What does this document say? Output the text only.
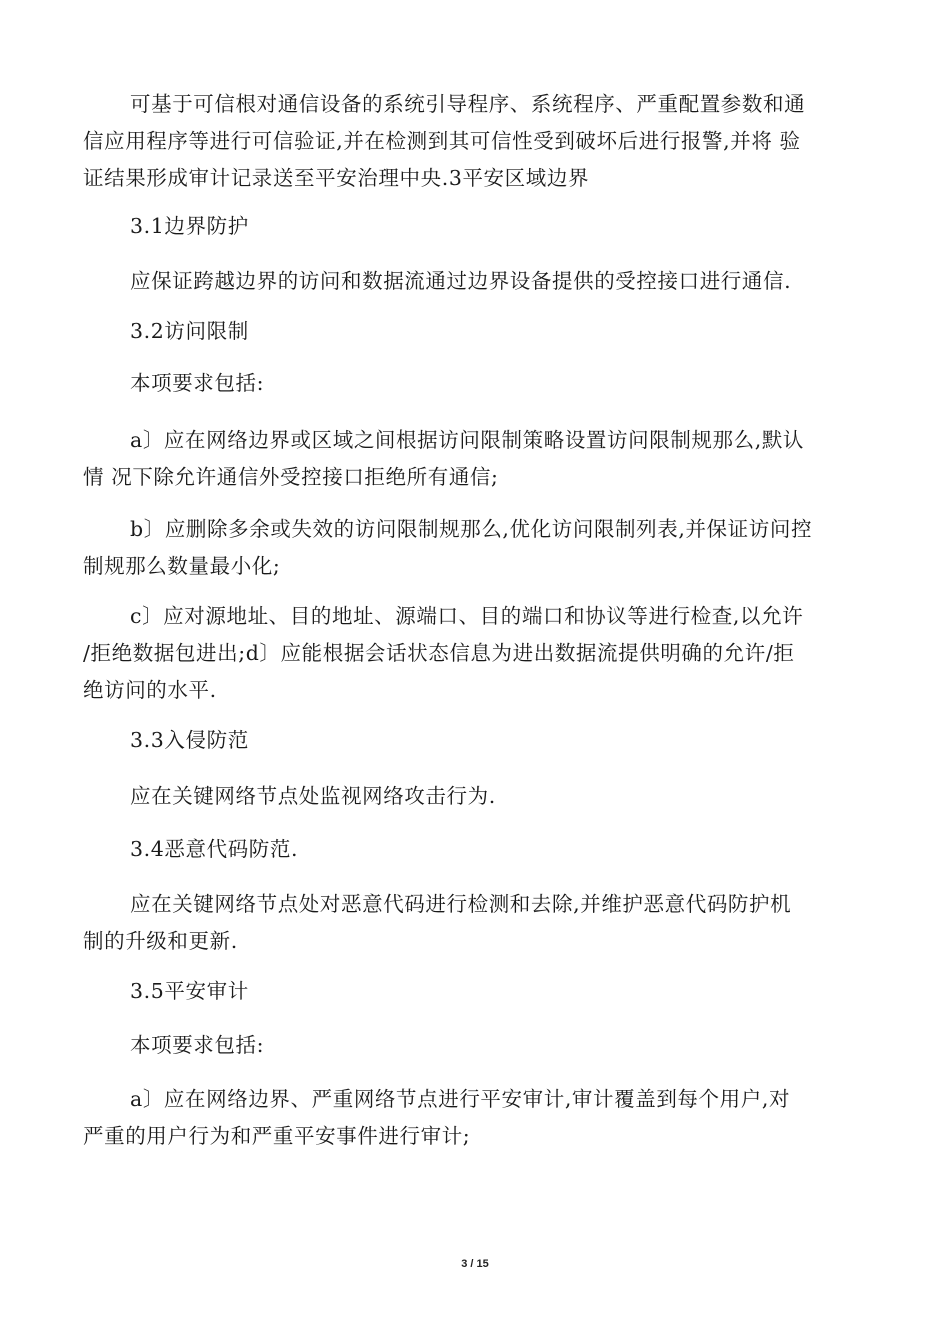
可基于可信根对通信设备的系统引导程序、系统程序、严重配置参数和通
信应用程序等进行可信验证,并在检测到其可信性受到破坏后进行报警,并将 验
证结果形成审计记录送至平安治理中央.3平安区域边界

3.1边界防护

应保证跨越边界的访问和数据流通过边界设备提供的受控接口进行通信.

3.2访问限制

本项要求包括:

a〕应在网络边界或区域之间根据访问限制策略设置访问限制规那么,默认
情 况下除允许通信外受控接口拒绝所有通信;

b〕应删除多余或失效的访问限制规那么,优化访问限制列表,并保证访问控
制规那么数量最小化;

c〕应对源地址、目的地址、源端口、目的端口和协议等进行检查,以允许
/拒绝数据包进出;d〕应能根据会话状态信息为进出数据流提供明确的允许/拒
绝访问的水平.

3.3入侵防范

应在关键网络节点处监视网络攻击行为.

3.4恶意代码防范.

应在关键网络节点处对恶意代码进行检测和去除,并维护恶意代码防护机
制的升级和更新.

3.5平安审计

本项要求包括:

a〕应在网络边界、严重网络节点进行平安审计,审计覆盖到每个用户,对
严重的用户行为和严重平安事件进行审计;

3 / 15
